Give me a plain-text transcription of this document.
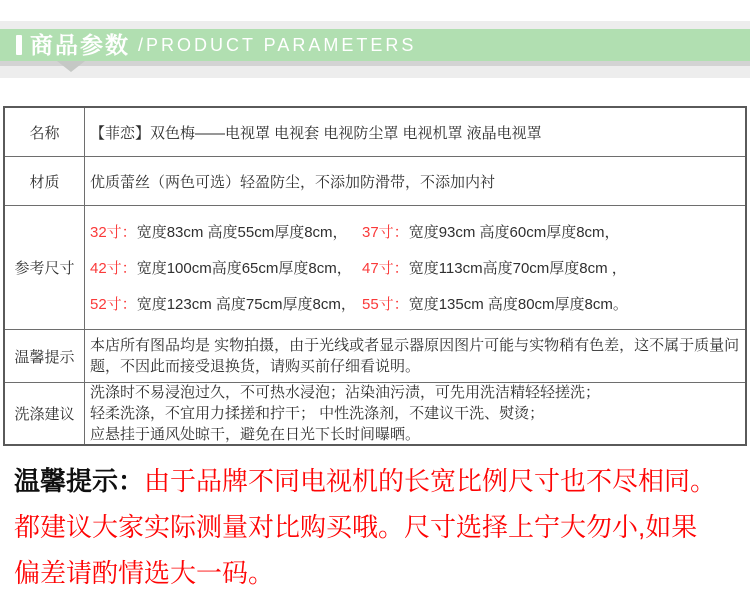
商品参数 /PRODUCT PARAMETERS
名称	【菲恋】双色梅——电视罩 电视套 电视防尘罩 电视机罩 液晶电视罩
材质	优质蕾丝（两色可选）轻盈防尘，不添加防滑带，不添加内衬
参考尺寸
32寸：宽度83cm 高度55cm厚度8cm， 37寸：宽度93cm 高度60cm厚度8cm，
42寸：宽度100cm高度65cm厚度8cm， 47寸：宽度113cm高度70cm厚度8cm ，
52寸：宽度123cm 高度75cm厚度8cm， 55寸：宽度135cm 高度80cm厚度8cm。
温馨提示
本店所有图品均是 实物拍摄，由于光线或者显示器原因图片可能与实物稍有色差，这不属于质量问题，不因此而接受退换货，请购买前仔细看说明。
洗涤建议
洗涤时不易浸泡过久，不可热水浸泡；沾染油污渍，可先用洗洁精轻轻搓洗；
轻柔洗涤，不宜用力揉搓和拧干； 中性洗涤剂，不建议干洗、熨烫；
应悬挂于通风处晾干，避免在日光下长时间曝晒。
温馨提示：由于品牌不同电视机的长宽比例尺寸也不尽相同。
都建议大家实际测量对比购买哦。尺寸选择上宁大勿小,如果
偏差请酌情选大一码。
